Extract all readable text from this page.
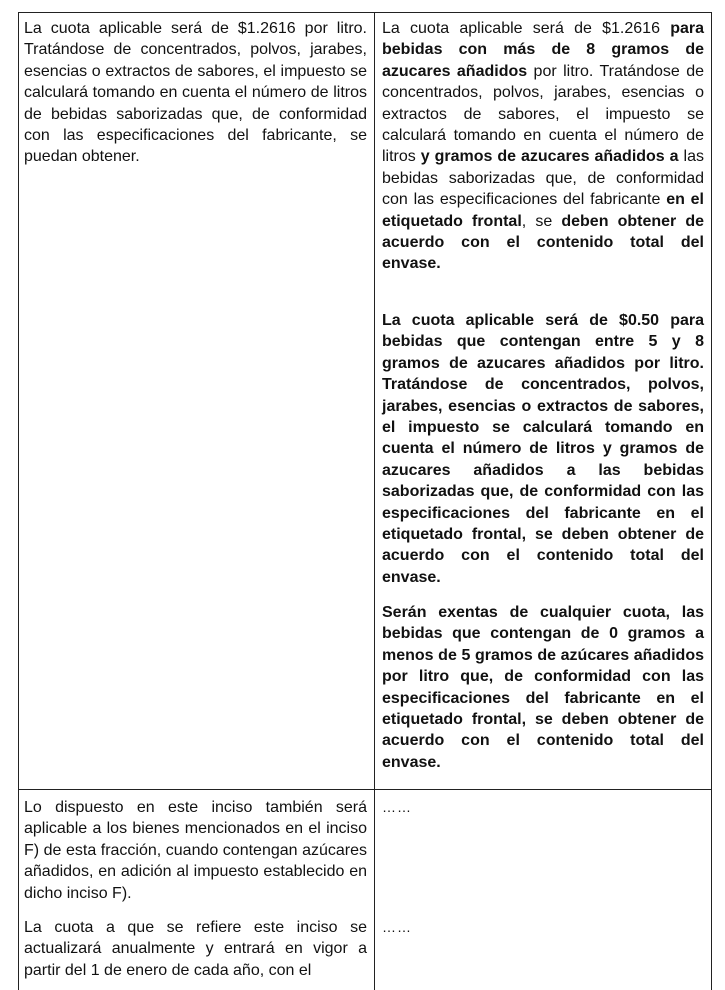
La cuota aplicable será de $1.2616 por litro. Tratándose de concentrados, polvos, jarabes, esencias o extractos de sabores, el impuesto se calculará tomando en cuenta el número de litros de bebidas saborizadas que, de conformidad con las especificaciones del fabricante, se puedan obtener.
La cuota aplicable será de $1.2616 para bebidas con más de 8 gramos de azucares añadidos por litro. Tratándose de concentrados, polvos, jarabes, esencias o extractos de sabores, el impuesto se calculará tomando en cuenta el número de litros y gramos de azucares añadidos a las bebidas saborizadas que, de conformidad con las especificaciones del fabricante en el etiquetado frontal, se deben obtener de acuerdo con el contenido total del envase.
La cuota aplicable será de $0.50 para bebidas que contengan entre 5 y 8 gramos de azucares añadidos por litro. Tratándose de concentrados, polvos, jarabes, esencias o extractos de sabores, el impuesto se calculará tomando en cuenta el número de litros y gramos de azucares añadidos a las bebidas saborizadas que, de conformidad con las especificaciones del fabricante en el etiquetado frontal, se deben obtener de acuerdo con el contenido total del envase.
Serán exentas de cualquier cuota, las bebidas que contengan de 0 gramos a menos de 5 gramos de azúcares añadidos por litro que, de conformidad con las especificaciones del fabricante en el etiquetado frontal, se deben obtener de acuerdo con el contenido total del envase.
Lo dispuesto en este inciso también será aplicable a los bienes mencionados en el inciso F) de esta fracción, cuando contengan azúcares añadidos, en adición al impuesto establecido en dicho inciso F).
……
La cuota a que se refiere este inciso se actualizará anualmente y entrará en vigor a partir del 1 de enero de cada año, con el
……
